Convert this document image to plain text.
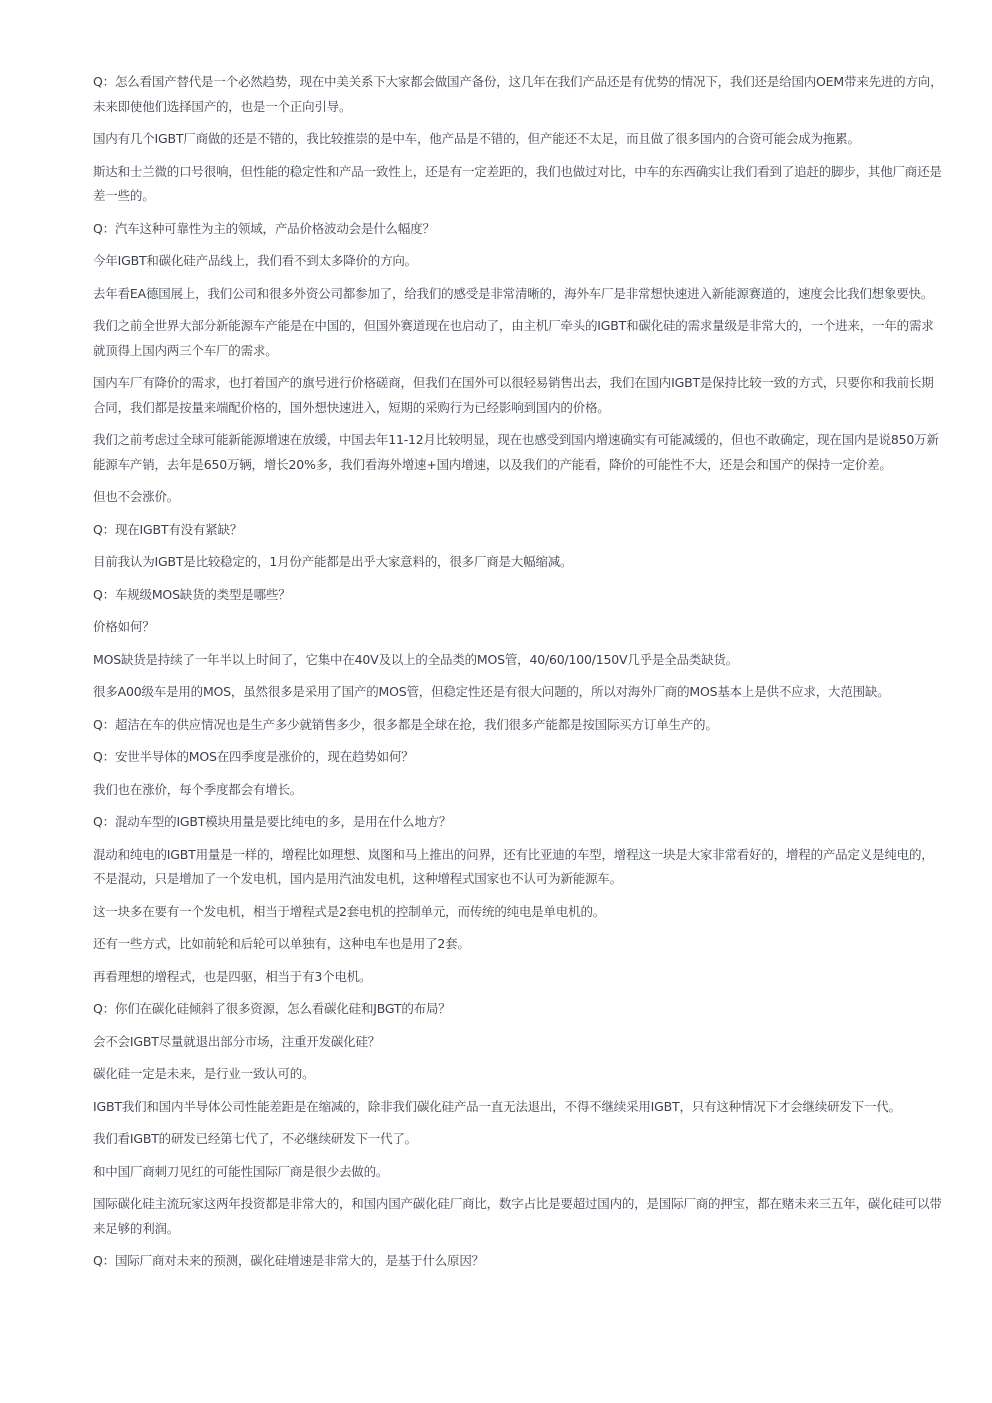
Q：怎么看国产替代是一个必然趋势，现在中美关系下大家都会做国产备份，这几年在我们产品还是有优势的情况下，我们还是给国内OEM带来先进的方向，未来即使他们选择国产的，也是一个正向引导。

国内有几个IGBT厂商做的还是不错的，我比较推崇的是中车，他产品是不错的，但产能还不太足，而且做了很多国内的合资可能会成为拖累。

斯达和士兰微的口号很响，但性能的稳定性和产品一致性上，还是有一定差距的，我们也做过对比，中车的东西确实让我们看到了追赶的脚步，其他厂商还是差一些的。

Q：汽车这种可靠性为主的领域，产品价格波动会是什么幅度？

今年IGBT和碳化硅产品线上，我们看不到太多降价的方向。

去年看EA德国展上，我们公司和很多外资公司都参加了，给我们的感受是非常清晰的，海外车厂是非常想快速进入新能源赛道的，速度会比我们想象要快。

我们之前全世界大部分新能源车产能是在中国的，但国外赛道现在也启动了，由主机厂牵头的IGBT和碳化硅的需求量级是非常大的，一个进来，一年的需求就顶得上国内两三个车厂的需求。

国内车厂有降价的需求，也打着国产的旗号进行价格磋商，但我们在国外可以很轻易销售出去，我们在国内IGBT是保持比较一致的方式，只要你和我前长期合同，我们都是按量来端配价格的，国外想快速进入，短期的采购行为已经影响到国内的价格。

我们之前考虑过全球可能新能源增速在放缓，中国去年11-12月比较明显，现在也感受到国内增速确实有可能减缓的，但也不敢确定，现在国内是说850万新能源车产销，去年是650万辆，增长20%多，我们看海外增速+国内增速，以及我们的产能看，降价的可能性不大，还是会和国产的保持一定价差。

但也不会涨价。

Q：现在IGBT有没有紧缺？

目前我认为IGBT是比较稳定的，1月份产能都是出乎大家意料的，很多厂商是大幅缩减。

Q：车规级MOS缺货的类型是哪些？

价格如何？

MOS缺货是持续了一年半以上时间了，它集中在40V及以上的全品类的MOS管，40/60/100/150V几乎是全品类缺货。

很多A00级车是用的MOS，虽然很多是采用了国产的MOS管，但稳定性还是有很大问题的，所以对海外厂商的MOS基本上是供不应求，大范围缺。

Q：超洁在车的供应情况也是生产多少就销售多少，很多都是全球在抢，我们很多产能都是按国际买方订单生产的。

Q：安世半导体的MOS在四季度是涨价的，现在趋势如何？

我们也在涨价，每个季度都会有增长。

Q：混动车型的IGBT模块用量是要比纯电的多，是用在什么地方？

混动和纯电的IGBT用量是一样的，增程比如理想、岚图和马上推出的问界，还有比亚迪的车型，增程这一块是大家非常看好的，增程的产品定义是纯电的，不是混动，只是增加了一个发电机，国内是用汽油发电机，这种增程式国家也不认可为新能源车。

这一块多在要有一个发电机，相当于增程式是2套电机的控制单元，而传统的纯电是单电机的。

还有一些方式，比如前轮和后轮可以单独有，这种电车也是用了2套。

再看理想的增程式，也是四驱，相当于有3个电机。

Q：你们在碳化硅倾斜了很多资源，怎么看碳化硅和JBGT的布局？

会不会IGBT尽量就退出部分市场，注重开发碳化硅？

碳化硅一定是未来，是行业一致认可的。

IGBT我们和国内半导体公司性能差距是在缩减的，除非我们碳化硅产品一直无法退出，不得不继续采用IGBT，只有这种情况下才会继续研发下一代。

我们看IGBT的研发已经第七代了，不必继续研发下一代了。

和中国厂商刺刀见红的可能性国际厂商是很少去做的。

国际碳化硅主流玩家这两年投资都是非常大的，和国内国产碳化硅厂商比，数字占比是要超过国内的，是国际厂商的押宝，都在赌未来三五年，碳化硅可以带来足够的利润。

Q：国际厂商对未来的预测，碳化硅增速是非常大的，是基于什么原因？
